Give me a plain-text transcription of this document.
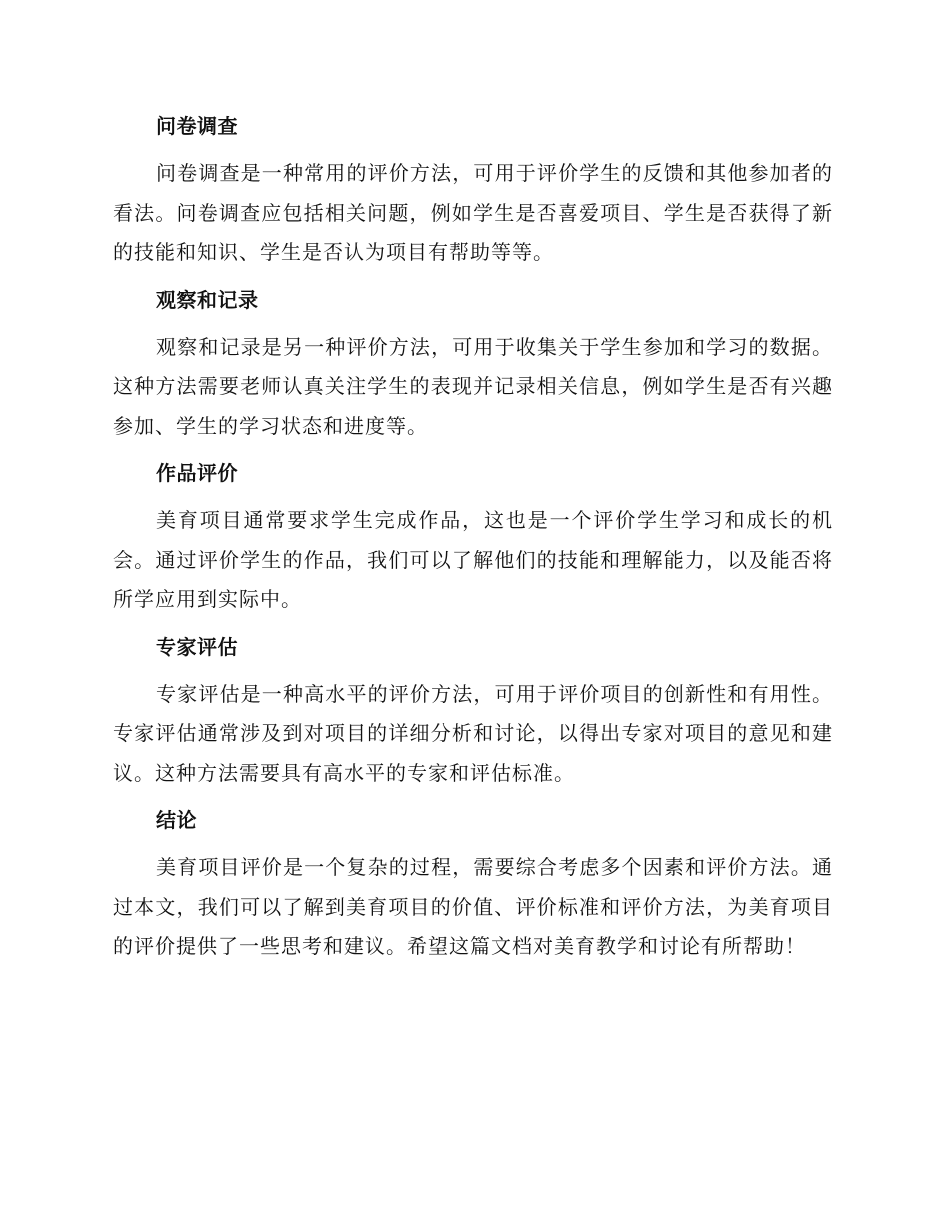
问卷调查

问卷调查是一种常用的评价方法，可用于评价学生的反馈和其他参加者的看法。问卷调查应包括相关问题，例如学生是否喜爱项目、学生是否获得了新的技能和知识、学生是否认为项目有帮助等等。

观察和记录

观察和记录是另一种评价方法，可用于收集关于学生参加和学习的数据。这种方法需要老师认真关注学生的表现并记录相关信息，例如学生是否有兴趣参加、学生的学习状态和进度等。

作品评价

美育项目通常要求学生完成作品，这也是一个评价学生学习和成长的机会。通过评价学生的作品，我们可以了解他们的技能和理解能力，以及能否将所学应用到实际中。

专家评估

专家评估是一种高水平的评价方法，可用于评价项目的创新性和有用性。专家评估通常涉及到对项目的详细分析和讨论，以得出专家对项目的意见和建议。这种方法需要具有高水平的专家和评估标准。

结论

美育项目评价是一个复杂的过程，需要综合考虑多个因素和评价方法。通过本文，我们可以了解到美育项目的价值、评价标准和评价方法，为美育项目的评价提供了一些思考和建议。希望这篇文档对美育教学和讨论有所帮助！
